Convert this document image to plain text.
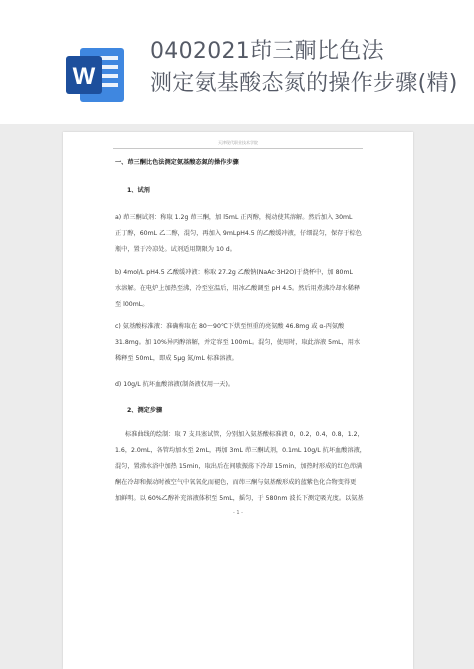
W
0402021茚三酮比色法
测定氨基酸态氮的操作步骤(精)
天津现代职业技术学院
一、茚三酮比色法测定氨基酸态氮的操作步骤
1、试剂
a) 茚三酮试剂：称取 1.2g 茚三酮，加 l5mL 正丙醇，搅动使其溶解。然后加入 30mL
正丁醇，60mL 乙二醇，混匀，再加入 9mLpH4.5 的乙酸缓冲液，仔细混匀，保存于棕色
瓶中，置于冷凉处。试剂适用期限为 10 d。
b) 4mol/L pH4.5 乙酸缓冲液：称取 27.2g 乙酸钠(NaAc·3H2O)于烧杯中，加 80mL
水溶解。在电炉上加热至沸，冷至室温后，用冰乙酸调至 pH 4.5。然后用煮沸冷却水稀释
至 l00mL。
c) 氨基酸标准液：准确称取在 80～90℃下烘至恒重的亮氨酸 46.8mg 或 α-丙氨酸
31.8mg。加 10%异丙醇溶解，并定容至 100mL。混匀，使用时，取此溶液 5mL，用水
稀释至 50mL，即成 5μg 氮/mL 标准溶液。
d) 10g/L 抗坏血酸溶液(制备液仅用一天)。
2、测定步骤
标准曲线的绘制：取 7 支具塞试管，分别加入氨基酸标准液 0，0.2，0.4，0.8，1.2，
1.6，2.0mL，各管均加水至 2mL，再加 3mL 茚三酮试剂，0.1mL 10g/L 抗坏血酸溶液，
混匀，置沸水浴中加热 15min，取出后在间歇振荡下冷却 15min，加热时形成的红色茚满
酮在冷却和振动时被空气中氧氧化而褪色，而茚三酮与氨基酸形成的蓝紫色化合物变得更
加鲜明。以 60%乙醇补充溶液体积至 5mL，摇匀，于 580nm 波长下测定吸光度。以氨基
- 1 -
